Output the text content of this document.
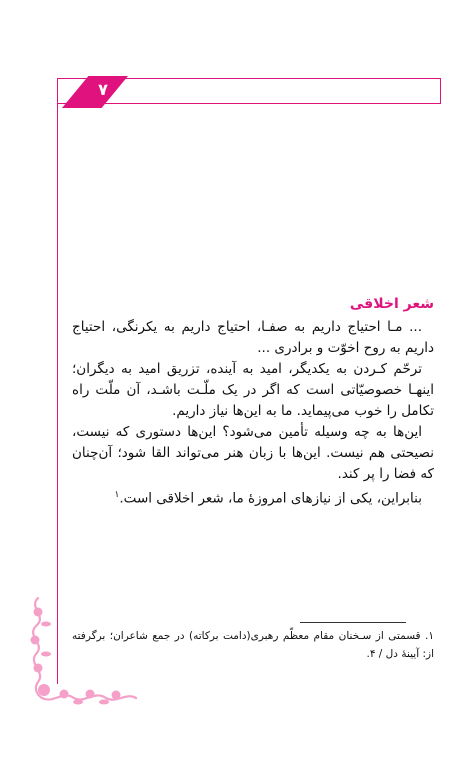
۷

شعر اخلاقی

... مـا احتیاج داریم به صفـا، احتیاج داریم به یکرنگی، احتیاج داریم به روح اخوّت و برادری ...

ترحّم کـردن به یکدیگر، امید به آینده، تزریق امید به دیگران؛ اینهـا خصوصیّاتی است که اگر در یک ملّـت باشـد، آن ملّت راه تکامل را خوب می‌پیماید. ما به این‌ها نیاز داریم.

این‌ها به چه وسیله تأمین می‌شود؟ این‌ها دستوری که نیست، نصیحتی هم نیست. این‌ها با زبان هنر می‌تواند القا شود؛ آن‌چنان که فضا را پر کند.

بنابراین، یکی از نیازهای امروزهٔ ما، شعر اخلاقی است.$^۱$

۱. قسمتی از سـخنان مقام معظّم رهبری(دامت برکاته) در جمع شاعران؛ برگرفته از: آیینهٔ دل / ۴.
